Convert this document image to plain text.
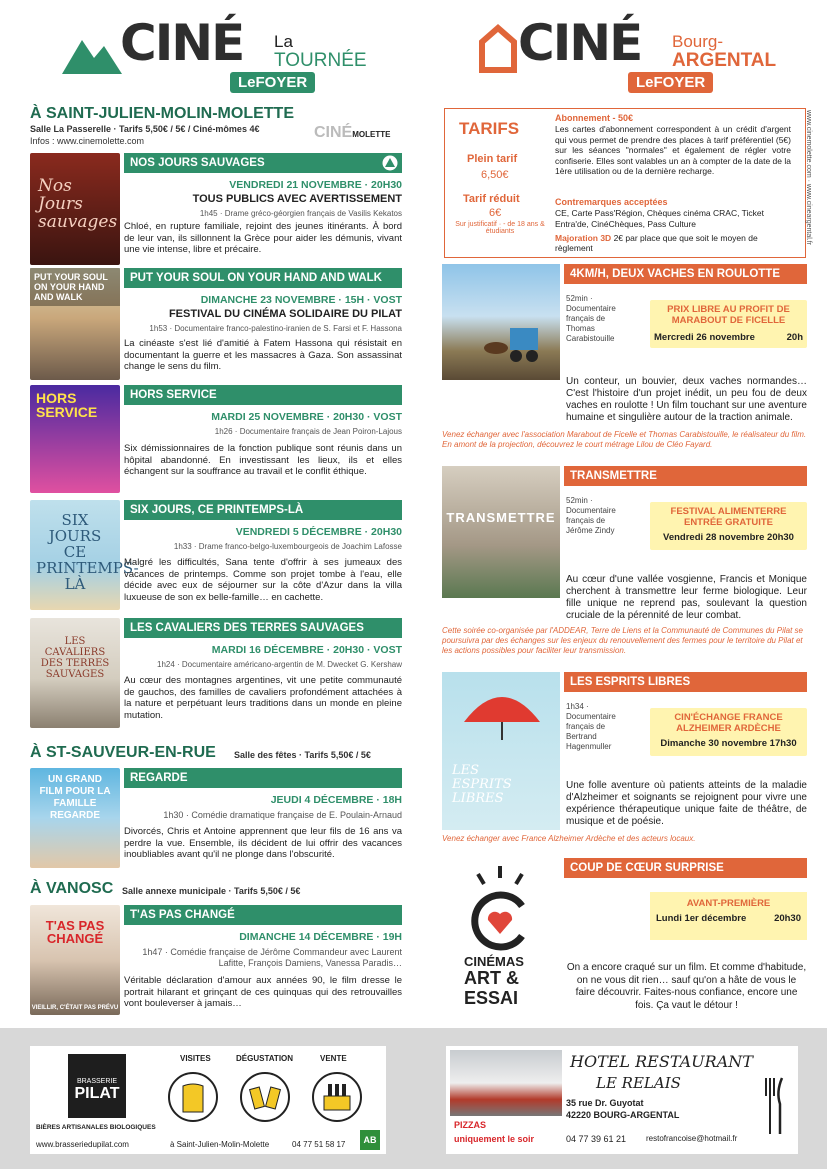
CINÉ La
TOURNÉE
LeFOYER
CINÉ Bourg-
ARGENTAL
LeFOYER
À SAINT-JULIEN-MOLIN-MOLETTE
Salle La Passerelle · Tarifs 5,50€ / 5€ / Ciné-mômes 4€
Infos : www.cinemolette.com	CINÉMOLETTE
Nos Jours sauvages
NOS JOURS SAUVAGES
VENDREDI 21 NOVEMBRE · 20H30
TOUS PUBLICS AVEC AVERTISSEMENT
1h45 · Drame gréco-géorgien français de Vasilis Kekatos
Chloé, en rupture familiale, rejoint des jeunes itinérants. À bord de leur van, ils sillonnent la Grèce pour aider les démunis, vivant une vie intense, libre et précaire.
PUT YOUR SOUL ON YOUR HAND AND WALK
PUT YOUR SOUL ON YOUR HAND AND WALK
DIMANCHE 23 NOVEMBRE · 15H · VOST
FESTIVAL DU CINÉMA SOLIDAIRE DU PILAT
1h53 · Documentaire franco-palestino-iranien de S. Farsi et F. Hassona
La cinéaste s'est lié d'amitié à Fatem Hassona qui résistait en documentant la guerre et les massacres à Gaza. Son assassinat change le sens du film.
HORS SERVICE
HORS SERVICE
MARDI 25 NOVEMBRE · 20H30 · VOST
1h26 · Documentaire français de Jean Poiron-Lajous
Six démissionnaires de la fonction publique sont réunis dans un hôpital abandonné. En investissant les lieux, ils et elles échangent sur la souffrance au travail et le conflit éthique.
SIX JOURS CE PRINTEMPS-LÀ
SIX JOURS, CE PRINTEMPS-LÀ
VENDREDI 5 DÉCEMBRE · 20H30
1h33 · Drame franco-belgo-luxembourgeois de Joachim Lafosse
Malgré les difficultés, Sana tente d'offrir à ses jumeaux des vacances de printemps. Comme son projet tombe à l'eau, elle décide avec eux de séjourner sur la côte d'Azur dans la villa luxueuse de son ex belle-famille… en cachette.
LES CAVALIERS DES TERRES SAUVAGES
LES CAVALIERS DES TERRES SAUVAGES
MARDI 16 DÉCEMBRE · 20H30 · VOST
1h24 · Documentaire américano-argentin de M. Dwecket G. Kershaw
Au cœur des montagnes argentines, vit une petite communauté de gauchos, des familles de cavaliers profondément attachées à la nature et perpétuant leurs traditions dans un monde en pleine mutation.
À ST-SAUVEUR-EN-RUE Salle des fêtes · Tarifs 5,50€ / 5€
UN GRAND FILM POUR LA FAMILLE REGARDE
REGARDE
JEUDI 4 DÉCEMBRE · 18H
1h30 · Comédie dramatique française de E. Poulain-Arnaud
Divorcés, Chris et Antoine apprennent que leur fils de 16 ans va perdre la vue. Ensemble, ils décident de lui offrir des vacances inoubliables avant qu'il ne plonge dans l'obscurité.
À VANOSC Salle annexe municipale · Tarifs 5,50€ / 5€
T'AS PAS CHANGÉ
VIEILLIR, C'ÉTAIT PAS PRÉVU
T'AS PAS CHANGÉ
DIMANCHE 14 DÉCEMBRE · 19H
1h47 · Comédie française de Jérôme Commandeur avec Laurent Lafitte, François Damiens, Vanessa Paradis…
Véritable déclaration d'amour aux années 90, le film dresse le portrait hilarant et grinçant de ces quinquas qui des retrouvailles vont bouleverser à jamais…
TARIFS
Plein tarif
6,50€
Tarif réduit
6€
Sur justificatif · - de 18 ans & étudiants
Abonnement - 50€
Les cartes d'abonnement correspondent à un crédit d'argent qui vous permet de prendre des places à tarif préférentiel (5€) sur les séances "normales" et également de régler votre confiserie. Elles sont valables un an à compter de la date de la 1ère utilisation ou de la dernière recharge.
Contremarques acceptées
CE, Carte Pass'Région, Chèques cinéma CRAC, Ticket Entra'de, CinéChèques, Pass Culture
Majoration 3D 2€ par place que que soit le moyen de règlement
www.cinemolette.com · www.cineargental.fr
4KM/H, DEUX VACHES EN ROULOTTE
52min · Documentaire français de Thomas Carabistouille
PRIX LIBRE AU PROFIT DE MARABOUT DE FICELLE
Mercredi 26 novembre	20h
Un conteur, un bouvier, deux vaches normandes… C'est l'histoire d'un projet inédit, un peu fou de deux vaches en roulotte ! Un film touchant sur une aventure humaine et singulière autour de la traction animale.
Venez échanger avec l'association Marabout de Ficelle et Thomas Carabistouille, le réalisateur du film. En amont de la projection, découvrez le court métrage Lilou de Cléo Fayard.
TRANSMETTRE
TRANSMETTRE
52min · Documentaire français de Jérôme Zindy
FESTIVAL ALIMENTERRE ENTRÉE GRATUITE
Vendredi 28 novembre 20h30
Au cœur d'une vallée vosgienne, Francis et Monique cherchent à transmettre leur ferme biologique. Leur fille unique ne reprend pas, soulevant la question cruciale de la pérennité de leur combat.
Cette soirée co-organisée par l'ADDEAR, Terre de Liens et la Communauté de Communes du Pilat se poursuivra par des échanges sur les enjeux du renouvellement des fermes pour le territoire du Pilat et les actions possibles pour faciliter leur transmission.
LES ESPRITS LIBRES
LES ESPRITS LIBRES
1h34 · Documentaire français de Bertrand Hagenmuller
CIN'ÉCHANGE FRANCE ALZHEIMER ARDÈCHE
Dimanche 30 novembre 17h30
Une folle aventure où patients atteints de la maladie d'Alzheimer et soignants se rejoignent pour vivre une expérience thérapeutique unique faite de théâtre, de musique et de poésie.
Venez échanger avec France Alzheimer Ardèche et des acteurs locaux.
COUP DE CŒUR SURPRISE
CINÉMAS
ART &
ESSAI
AVANT-PREMIÈRE
Lundi 1er décembre	20h30
On a encore craqué sur un film. Et comme d'habitude, on ne vous dit rien… sauf qu'on a hâte de vous le faire découvrir. Faites-nous confiance, encore une fois. Ça vaut le détour !
BRASSERIE
PILAT
BIÈRES ARTISANALES BIOLOGIQUES
www.brasseriedupilat.com
VISITES	DÉGUSTATION	VENTE
à Saint-Julien-Molin-Molette	04 77 51 58 17	AB
HOTEL RESTAURANT
LE RELAIS
35 rue Dr. Guyotat
42220 BOURG-ARGENTAL
PIZZAS
uniquement le soir	04 77 39 61 21 restofrancoise@hotmail.fr
